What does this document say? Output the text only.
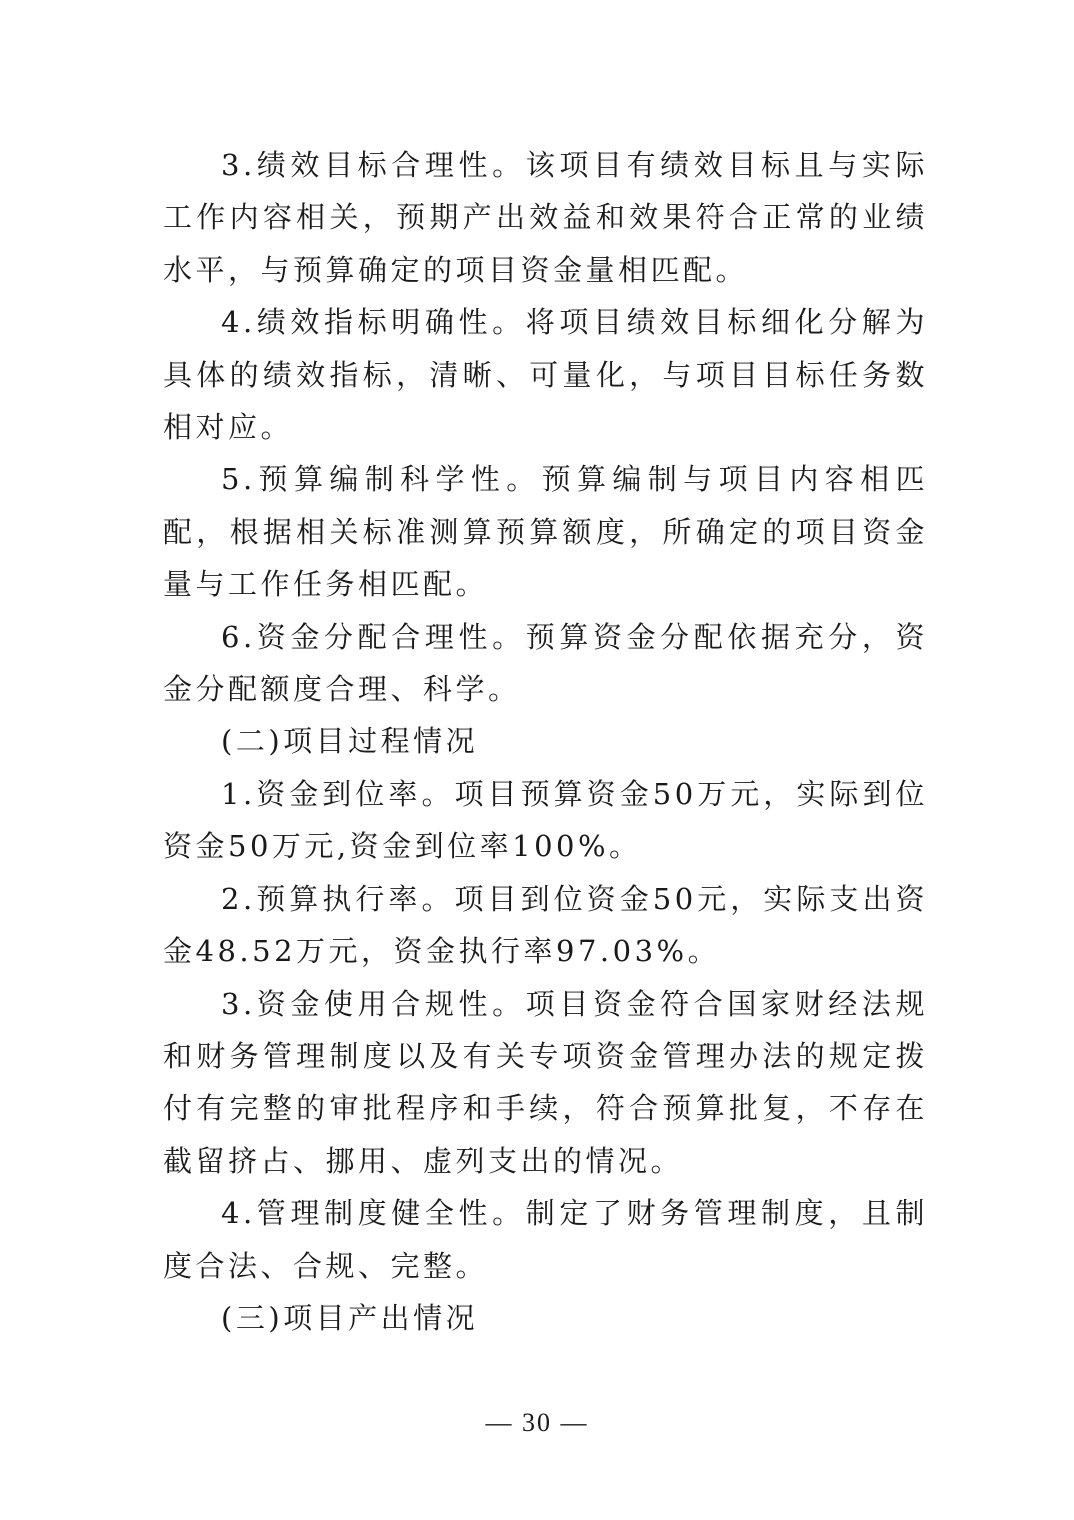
3.绩效目标合理性。该项目有绩效目标且与实际工作内容相关，预期产出效益和效果符合正常的业绩水平，与预算确定的项目资金量相匹配。

4.绩效指标明确性。将项目绩效目标细化分解为具体的绩效指标，清晰、可量化，与项目目标任务数相对应。

5.预算编制科学性。预算编制与项目内容相匹配，根据相关标准测算预算额度，所确定的项目资金量与工作任务相匹配。

6.资金分配合理性。预算资金分配依据充分，资金分配额度合理、科学。

(二)项目过程情况

1.资金到位率。项目预算资金50万元，实际到位资金50万元,资金到位率100%。

2.预算执行率。项目到位资金50元，实际支出资金48.52万元，资金执行率97.03%。

3.资金使用合规性。项目资金符合国家财经法规和财务管理制度以及有关专项资金管理办法的规定拨付有完整的审批程序和手续，符合预算批复，不存在截留挤占、挪用、虚列支出的情况。

4.管理制度健全性。制定了财务管理制度，且制度合法、合规、完整。

(三)项目产出情况

— 30 —
